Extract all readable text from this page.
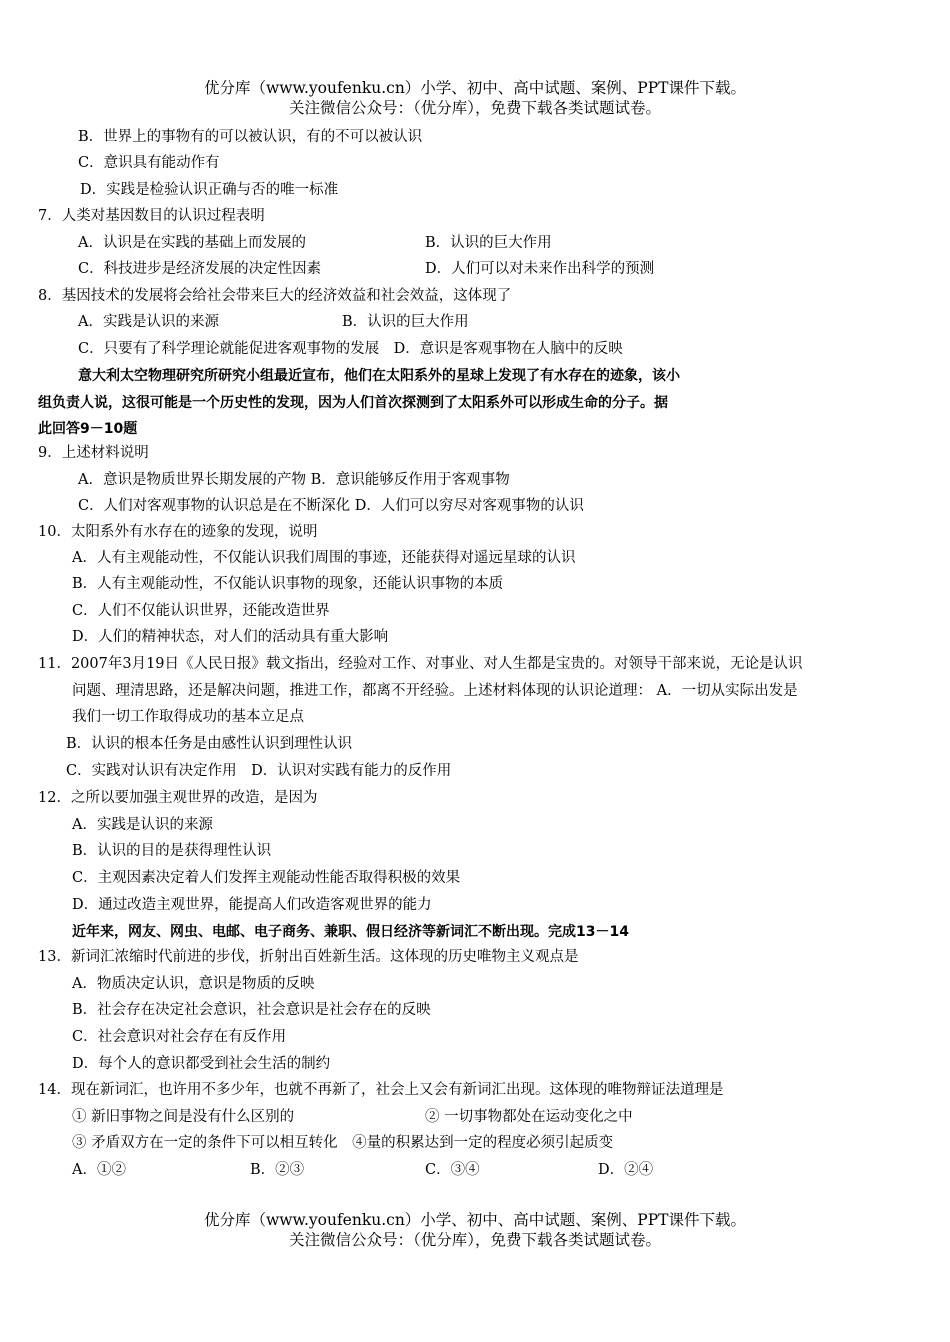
优分库（www.youfenku.cn）小学、初中、高中试题、案例、PPT课件下载。
关注微信公众号：（优分库），免费下载各类试题试卷。
B．世界上的事物有的可以被认识，有的不可以被认识
C．意识具有能动作有
D．实践是检验认识正确与否的唯一标准
7．人类对基因数目的认识过程表明
A．认识是在实践的基础上而发展的	B．认识的巨大作用
C．科技进步是经济发展的决定性因素	D．人们可以对未来作出科学的预测
8．基因技术的发展将会给社会带来巨大的经济效益和社会效益，这体现了
A．实践是认识的来源	B．认识的巨大作用
C．只要有了科学理论就能促进客观事物的发展　D．意识是客观事物在人脑中的反映
意大利太空物理研究所研究小组最近宣布，他们在太阳系外的星球上发现了有水存在的迹象，该小
组负责人说，这很可能是一个历史性的发现，因为人们首次探测到了太阳系外可以形成生命的分子。据
此回答9－10题
9．上述材料说明
A．意识是物质世界长期发展的产物 B．意识能够反作用于客观事物
C．人们对客观事物的认识总是在不断深化 D．人们可以穷尽对客观事物的认识
10．太阳系外有水存在的迹象的发现，说明
A．人有主观能动性，不仅能认识我们周围的事迹，还能获得对遥远星球的认识
B．人有主观能动性，不仅能认识事物的现象，还能认识事物的本质
C．人们不仅能认识世界，还能改造世界
D．人们的精神状态，对人们的活动具有重大影响
11．2007年3月19日《人民日报》载文指出，经验对工作、对事业、对人生都是宝贵的。对领导干部来说，无论是认识
问题、理清思路，还是解决问题，推进工作，都离不开经验。上述材料体现的认识论道理： A．一切从实际出发是
我们一切工作取得成功的基本立足点
B．认识的根本任务是由感性认识到理性认识
C．实践对认识有决定作用　D．认识对实践有能力的反作用
12．之所以要加强主观世界的改造，是因为
A．实践是认识的来源
B．认识的目的是获得理性认识
C．主观因素决定着人们发挥主观能动性能否取得积极的效果
D．通过改造主观世界，能提高人们改造客观世界的能力
近年来，网友、网虫、电邮、电子商务、兼职、假日经济等新词汇不断出现。完成13－14
13．新词汇浓缩时代前进的步伐，折射出百姓新生活。这体现的历史唯物主义观点是
A．物质决定认识，意识是物质的反映
B．社会存在决定社会意识，社会意识是社会存在的反映
C．社会意识对社会存在有反作用
D．每个人的意识都受到社会生活的制约
14．现在新词汇，也许用不多少年，也就不再新了，社会上又会有新词汇出现。这体现的唯物辩证法道理是
① 新旧事物之间是没有什么区别的	② 一切事物都处在运动变化之中
③ 矛盾双方在一定的条件下可以相互转化　④量的积累达到一定的程度必须引起质变
A．①②	B．②③	C．③④	D．②④
优分库（www.youfenku.cn）小学、初中、高中试题、案例、PPT课件下载。
关注微信公众号：（优分库），免费下载各类试题试卷。
